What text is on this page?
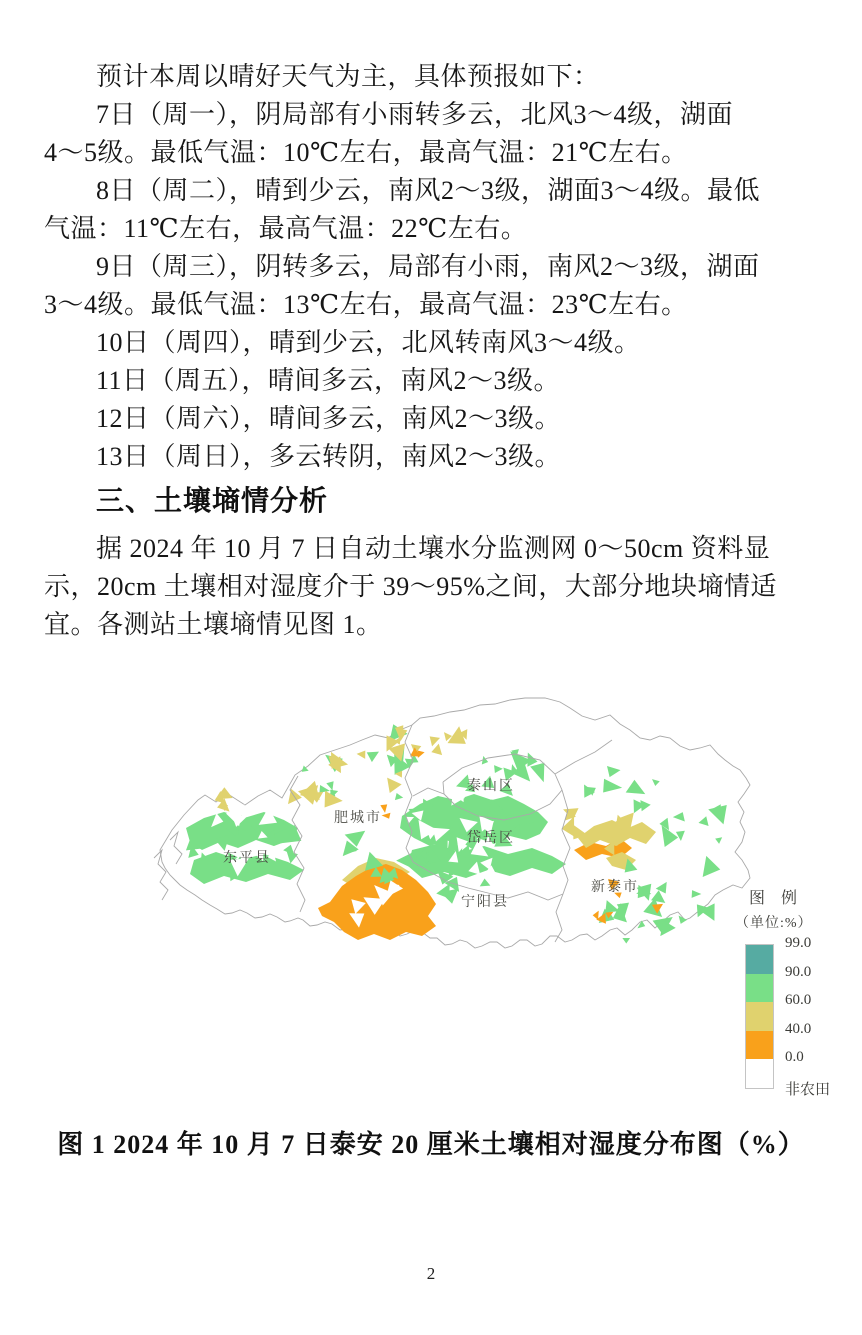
预计本周以晴好天气为主，具体预报如下：
7日（周一），阴局部有小雨转多云，北风3～4级，湖面
4～5级。最低气温：10℃左右，最高气温：21℃左右。
8日（周二），晴到少云，南风2～3级，湖面3～4级。最低
气温：11℃左右，最高气温：22℃左右。
9日（周三），阴转多云，局部有小雨，南风2～3级，湖面
3～4级。最低气温：13℃左右，最高气温：23℃左右。
10日（周四），晴到少云，北风转南风3～4级。
11日（周五），晴间多云，南风2～3级。
12日（周六），晴间多云，南风2～3级。
13日（周日），多云转阴，南风2～3级。
三、土壤墒情分析
据 2024 年 10 月 7 日自动土壤水分监测网 0～50cm 资料显
示，20cm 土壤相对湿度介于 39～95%之间，大部分地块墒情适
宜。各测站土壤墒情见图 1。
东平县
肥城市
泰山区
岱岳区
宁阳县
新泰市
图 例
（单位:%）
99.0
90.0
60.0
40.0
0.0
非农田
图 1 2024 年 10 月 7 日泰安 20 厘米土壤相对湿度分布图（%）
2
